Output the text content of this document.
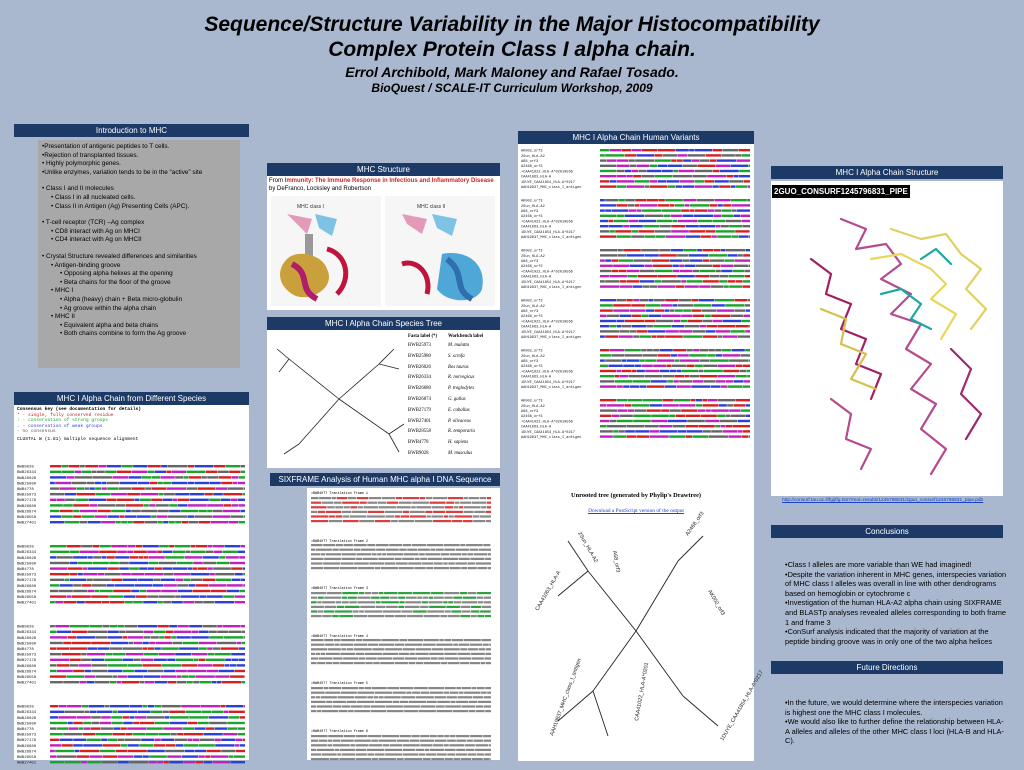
Sequence/Structure Variability in the Major Histocompatibility
Complex Protein Class I alpha chain.
Errol Archibold, Mark Maloney and Rafael Tosado.
BioQuest / SCALE-IT Curriculum Workshop, 2009
Introduction to MHC
•Presentation of antigenic peptides to T cells.
•Rejection of transplanted tissues.
• Highly polymorphic genes.
•Unlike enzymes, variation tends to be in the “active” site
• Class I and II molecules
• Class I in all nucleated cells.
• Class II in Antigen (Ag) Presenting Cells (APC).
• T-cell receptor (TCR) –Ag complex
• CD8 interact with Ag on MHCI
• CD4 interact with Ag on MHCII
• Crystal Structure revealed differences and similarities
• Antigen-binding groove
• Opposing alpha helixes at the opening
• Beta chains for the floor of the groove
• MHC I
• Alpha (heavy) chain + Beta micro-globulin
• Ag groove within the alpha chain
• MHC II
• Equivalent alpha and beta chains
• Both chains combine to form the Ag groove
MHC Structure
From Immunity: The Immune Response in Infectious and Inflammatory Disease
by DeFranco, Locksley and Robertson
MHC class I	MHC class II
MHC I Alpha Chain Species Tree
Fasta label (*)	Workbench label
BWB25973	M. mulatta
BWB25980	S. scrofa
BWB26026	Bos taurus
BWB26334	R. norvegicus
BWB26680	P. troglodytes
BWB26874	G. gallus
BWB27179	E. caballus
BWB27401	P. olivaceus
BWB28558	R. temporaria
BWB4778	H. sapiens
BWB9028	M. musculus
MHC I Alpha Chain from Different Species
Consensus key (see documentation for details)
* - single, fully conserved residue
: - conservation of strong groups
. - conservation of weak groups
- no consensus
CLUSTAL W (1.81) multiple sequence alignment
BWB9028
BWB26334
BWB26026
BWB25980
BWB4778
BWB25973
BWB27179
BWB26680
BWB26874
BWB28558
BWB27401
BWB9028
BWB26334
BWB26026
BWB25980
BWB4778
BWB25973
BWB27179
BWB26680
BWB26874
BWB28558
BWB27401
BWB9028
BWB26334
BWB26026
BWB25980
BWB4778
BWB25973
BWB27179
BWB26680
BWB26874
BWB28558
BWB27401
BWB9028
BWB26334
BWB26026
BWB25980
BWB4778
BWB25973
BWB27179
BWB26680
BWB26874
BWB28558
BWB27401
MHC I Alpha Chain Human Variants
AK002_orf3
2Sun_HLA-A2
A68_orf3
A2468_orf3
+CAA41022_HLA-A*02010566
CAA41063_HLA-A
1DUYE_CAA41854_HLA-A*0217
AAH19837_MHC_class_I_antigen
AK002_orf3
2Sun_HLA-A2
A68_orf3
A2468_orf3
+CAA41022_HLA-A*02010566
CAA41063_HLA-A
1DUYE_CAA41854_HLA-A*0217
AAH19837_MHC_class_I_antigen
AK002_orf3
2Sun_HLA-A2
A68_orf3
A2468_orf3
+CAA41022_HLA-A*02010566
CAA41063_HLA-A
1DUYE_CAA41854_HLA-A*0217
AAH19837_MHC_class_I_antigen
AK002_orf3
2Sun_HLA-A2
A68_orf3
A2468_orf3
+CAA41022_HLA-A*02010566
CAA41063_HLA-A
1DUYE_CAA41854_HLA-A*0217
AAH19837_MHC_class_I_antigen
AK002_orf3
2Sun_HLA-A2
A68_orf3
A2468_orf3
+CAA41022_HLA-A*02010566
CAA41063_HLA-A
1DUYE_CAA41854_HLA-A*0217
AAH19837_MHC_class_I_antigen
AK002_orf3
2Sun_HLA-A2
A68_orf3
A2468_orf3
+CAA41022_HLA-A*02010566
CAA41063_HLA-A
1DUYE_CAA41854_HLA-A*0217
AAH19837_MHC_class_I_antigen
SIXFRAME Analysis of Human MHC alpha I DNA Sequence
>BWB4077 Translation Frame 1
>BWB4077 Translation Frame 2
>BWB4077 Translation Frame 3
>BWB4077 Translation Frame 4
>BWB4077 Translation Frame 5
>BWB4077 Translation Frame 6
Unrooted tree (generated by Phylip's Drawtree)
Download a PostScript version of the output
2Sun_HLA-A2 A68_orf3
A2468_orf3
AK002_orf3
CAA41063_HLA-A
AAH19837_MHC_class_I_antigen	CAA41022_HLA-A*0201	1DUYE_CAA41854_HLA-A*0217
MHC I Alpha Chain Structure
2GUO_CONSURF1245796831_PIPE
http://consurf.tau.ac.il/fgij/fg.htm?mol=results/1245796831/2guo_consurf1245796831_pipe.pdb
Conclusions
•Class I alleles are more variable than WE had imagined!
•Despite the variation inherent in MHC genes, interspecies variation of MHC class I alleles was overall in line with other dendrograms based on hemoglobin or cytochrome c
•Investigation of the human HLA-A2 alpha chain using SIXFRAME and BLASTp analyses revealed alleles corresponding to both frame 1 and frame 3
•ConSurf analysis indicated that the majority of variation at the peptide binding groove was in only one of the two alpha helices
Future Directions
•In the future, we would determine where the interspecies variation is highest one the MHC class I molecules.
•We would also like to further define the relationship between HLA-A alleles and alleles of the other MHC class I loci (HLA-B and HLA-C).
